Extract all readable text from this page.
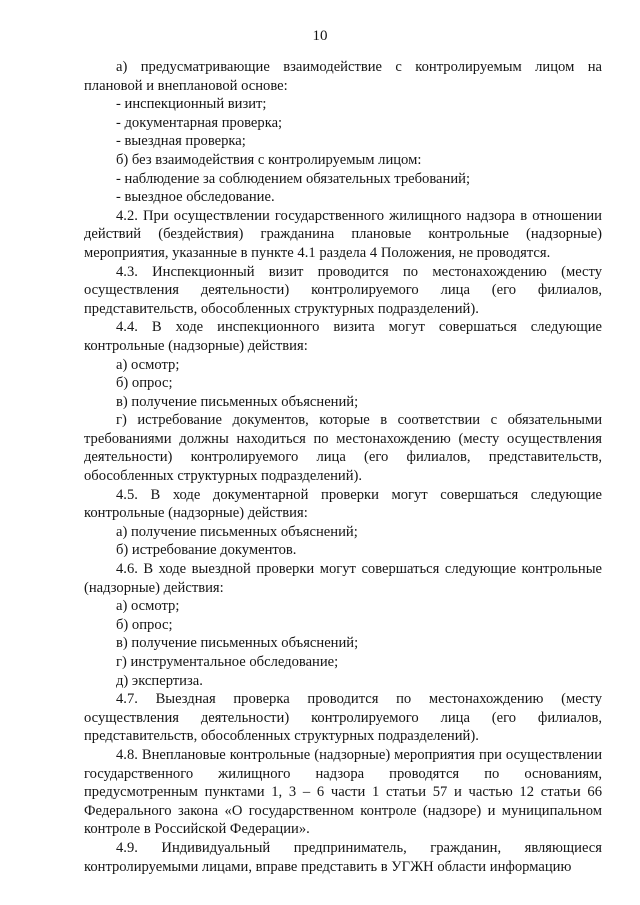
10

а) предусматривающие взаимодействие с контролируемым лицом на плановой и внеплановой основе:

- инспекционный визит;

- документарная проверка;

- выездная проверка;

б) без взаимодействия с контролируемым лицом:

- наблюдение за соблюдением обязательных требований;

- выездное обследование.

4.2. При осуществлении государственного жилищного надзора в отношении действий (бездействия) гражданина плановые контрольные (надзорные) мероприятия, указанные в пункте 4.1 раздела 4 Положения, не проводятся.

4.3. Инспекционный визит проводится по местонахождению (месту осуществления деятельности) контролируемого лица (его филиалов, представительств, обособленных структурных подразделений).

4.4. В ходе инспекционного визита могут совершаться следующие контрольные (надзорные) действия:

а) осмотр;

б) опрос;

в) получение письменных объяснений;

г) истребование документов, которые в соответствии с обязательными требованиями должны находиться по местонахождению (месту осуществления деятельности) контролируемого лица (его филиалов, представительств, обособленных структурных подразделений).

4.5. В ходе документарной проверки могут совершаться следующие контрольные (надзорные) действия:

а) получение письменных объяснений;

б) истребование документов.

4.6. В ходе выездной проверки могут совершаться следующие контрольные (надзорные) действия:

а) осмотр;

б) опрос;

в) получение письменных объяснений;

г) инструментальное обследование;

д) экспертиза.

4.7. Выездная проверка проводится по местонахождению (месту осуществления деятельности) контролируемого лица (его филиалов, представительств, обособленных структурных подразделений).

4.8. Внеплановые контрольные (надзорные) мероприятия при осуществлении государственного жилищного надзора проводятся по основаниям, предусмотренным пунктами 1, 3 – 6 части 1 статьи 57 и частью 12 статьи 66 Федерального закона «О государственном контроле (надзоре) и муниципальном контроле в Российской Федерации».

4.9. Индивидуальный предприниматель, гражданин, являющиеся контролируемыми лицами, вправе представить в УГЖН области информацию
